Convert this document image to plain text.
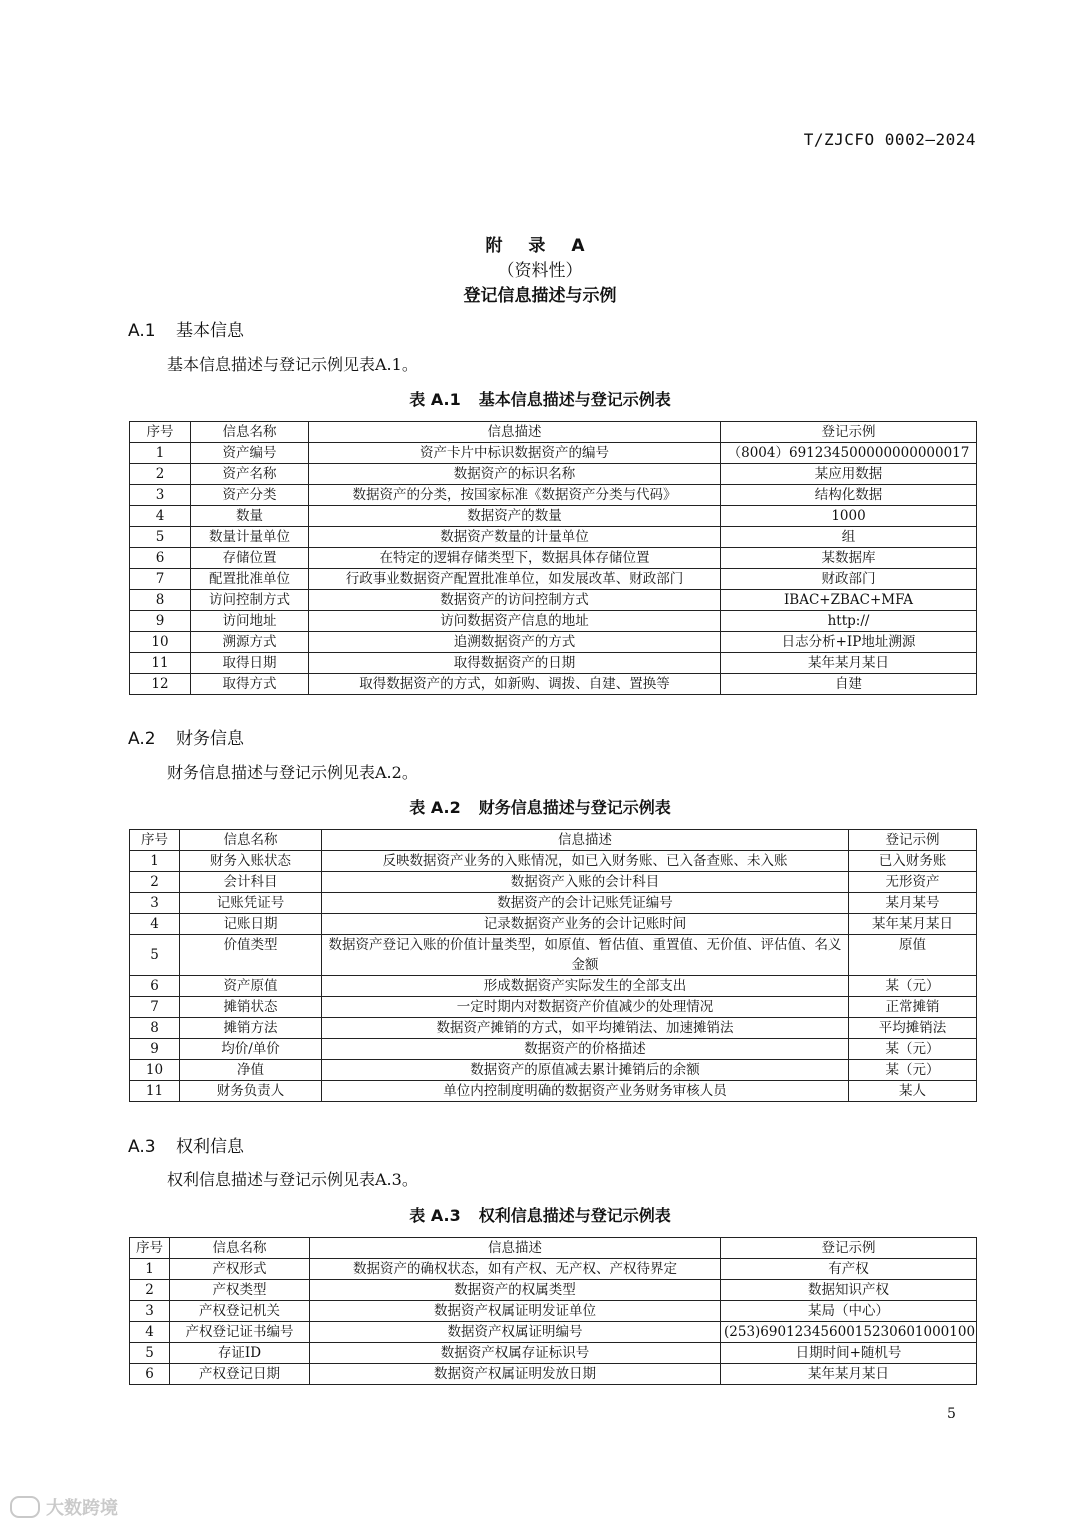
T/ZJCFO 0002—2024
附 录 A
（资料性）
登记信息描述与示例
A.1 基本信息
基本信息描述与登记示例见表A.1。
表 A.1 基本信息描述与登记示例表
序号	信息名称	信息描述	登记示例
1	资产编号	资产卡片中标识数据资产的编号	（8004）691234500000000000017
2	资产名称	数据资产的标识名称	某应用数据
3	资产分类	数据资产的分类，按国家标准《数据资产分类与代码》	结构化数据
4	数量	数据资产的数量	1000
5	数量计量单位	数据资产数量的计量单位	组
6	存储位置	在特定的逻辑存储类型下，数据具体存储位置	某数据库
7	配置批准单位	行政事业数据资产配置批准单位，如发展改革、财政部门	财政部门
8	访问控制方式	数据资产的访问控制方式	IBAC+ZBAC+MFA
9	访问地址	访问数据资产信息的地址	http://
10	溯源方式	追溯数据资产的方式	日志分析+IP地址溯源
11	取得日期	取得数据资产的日期	某年某月某日
12	取得方式	取得数据资产的方式，如新购、调拨、自建、置换等	自建
A.2 财务信息
财务信息描述与登记示例见表A.2。
表 A.2 财务信息描述与登记示例表
序号	信息名称	信息描述	登记示例
1	财务入账状态	反映数据资产业务的入账情况，如已入财务账、已入备查账、未入账	已入财务账
2	会计科目	数据资产入账的会计科目	无形资产
3	记账凭证号	数据资产的会计记账凭证编号	某月某号
4	记账日期	记录数据资产业务的会计记账时间	某年某月某日
5	价值类型	数据资产登记入账的价值计量类型，如原值、暂估值、重置值、无价值、评估值、名义金额	原值
6	资产原值	形成数据资产实际发生的全部支出	某（元）
7	摊销状态	一定时期内对数据资产价值减少的处理情况	正常摊销
8	摊销方法	数据资产摊销的方式，如平均摊销法、加速摊销法	平均摊销法
9	均价/单价	数据资产的价格描述	某（元）
10	净值	数据资产的原值减去累计摊销后的余额	某（元）
11	财务负责人	单位内控制度明确的数据资产业务财务审核人员	某人
A.3 权利信息
权利信息描述与登记示例见表A.3。
表 A.3 权利信息描述与登记示例表
序号	信息名称	信息描述	登记示例
1	产权形式	数据资产的确权状态，如有产权、无产权、产权待界定	有产权
2	产权类型	数据资产的权属类型	数据知识产权
3	产权登记机关	数据资产权属证明发证单位	某局（中心）
4	产权登记证书编号	数据资产权属证明编号	(253)69012345600152306010001​00
5	存证ID	数据资产权属存证标识号	日期时间+随机号
6	产权登记日期	数据资产权属证明发放日期	某年某月某日
5
大数跨境
